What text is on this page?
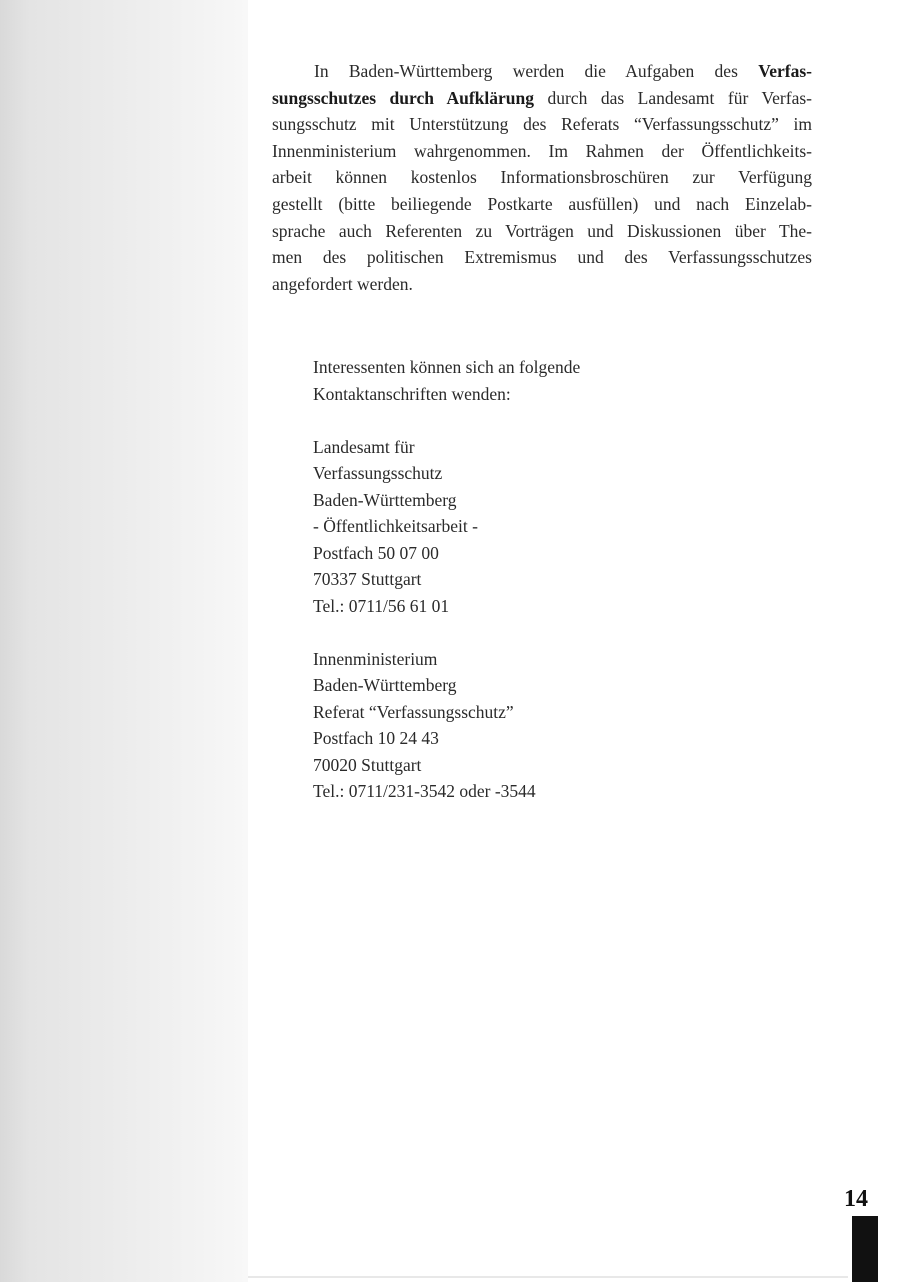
In Baden-Württemberg werden die Aufgaben des Verfas-
sungsschutzes durch Aufklärung durch das Landesamt für Verfas-
sungsschutz mit Unterstützung des Referats “Verfassungsschutz” im
Innenministerium wahrgenommen. Im Rahmen der Öffentlichkeits-
arbeit können kostenlos Informationsbroschüren zur Verfügung
gestellt (bitte beiliegende Postkarte ausfüllen) und nach Einzelab-
sprache auch Referenten zu Vorträgen und Diskussionen über The-
men des politischen Extremismus und des Verfassungsschutzes
angefordert werden.
Interessenten können sich an folgende
Kontaktanschriften wenden:
Landesamt für
Verfassungsschutz
Baden-Württemberg
- Öffentlichkeitsarbeit -
Postfach 50 07 00
70337 Stuttgart
Tel.: 0711/56 61 01
Innenministerium
Baden-Württemberg
Referat “Verfassungsschutz”
Postfach 10 24 43
70020 Stuttgart
Tel.: 0711/231-3542 oder -3544
14
